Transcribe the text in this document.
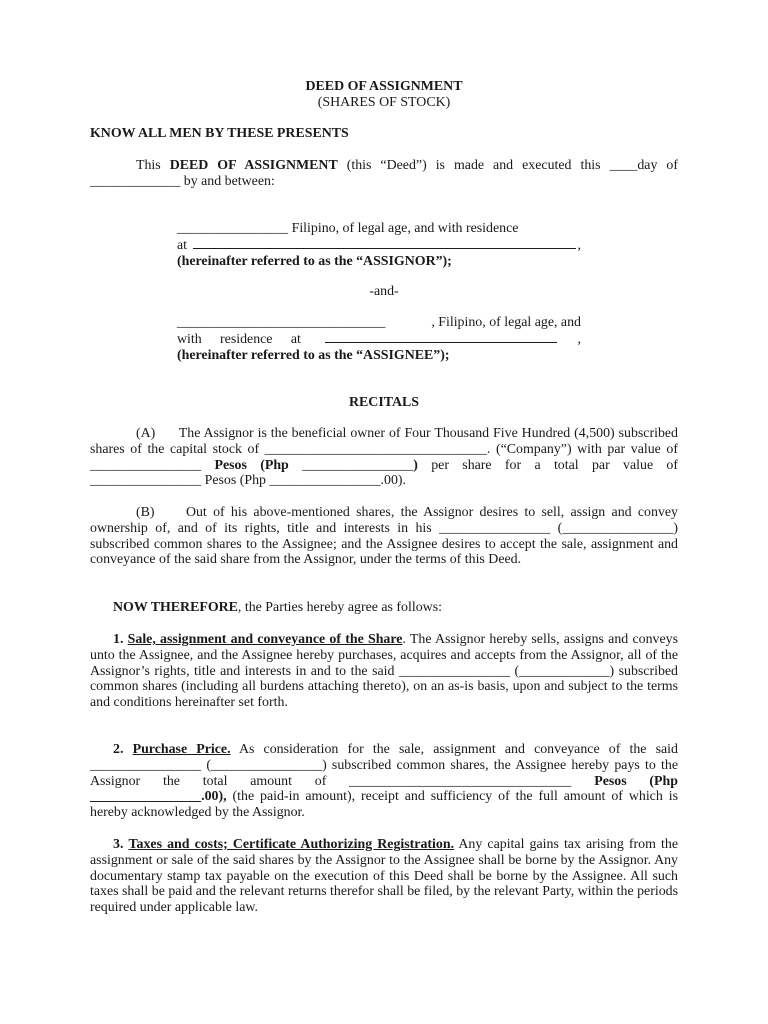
DEED OF ASSIGNMENT
(SHARES OF STOCK)
KNOW ALL MEN BY THESE PRESENTS
This DEED OF ASSIGNMENT (this “Deed”) is made and executed this ____day of _____________ by and between:
________________ Filipino, of legal age, and with residence
at	,
(hereinafter referred to as the “ASSIGNOR”);
-and-
______________________________	, Filipino, of legal age, and
with residence at	,
(hereinafter referred to as the “ASSIGNEE”);
RECITALS
(A)      The Assignor is the beneficial owner of Four Thousand Five Hundred (4,500) subscribed shares of the capital stock of ________________________________. (“Company”) with par value of ________________ Pesos (Php ________________) per share for a total par value of ________________ Pesos (Php ________________.00).
(B)     Out of his above-mentioned shares, the Assignor desires to sell, assign and convey ownership of, and of its rights, title and interests in his ________________ (________________) subscribed common shares to the Assignee; and the Assignee desires to accept the sale, assignment and conveyance of the said share from the Assignor, under the terms of this Deed.
NOW THEREFORE, the Parties hereby agree as follows:
1. Sale, assignment and conveyance of the Share. The Assignor hereby sells, assigns and conveys unto the Assignee, and the Assignee hereby purchases, acquires and accepts from the Assignor, all of the Assignor’s rights, title and interests in and to the said ________________ (_____________) subscribed common shares (including all burdens attaching thereto), on an as-is basis, upon and subject to the terms and conditions hereinafter set forth.
2. Purchase Price. As consideration for the sale, assignment and conveyance of the said ________________ (________________) subscribed common shares, the Assignee hereby pays to the Assignor the total amount of ________________________________ Pesos (Php ________________.00), (the paid-in amount), receipt and sufficiency of the full amount of which is hereby acknowledged by the Assignor.
3. Taxes and costs; Certificate Authorizing Registration. Any capital gains tax arising from the assignment or sale of the said shares by the Assignor to the Assignee shall be borne by the Assignor. Any documentary stamp tax payable on the execution of this Deed shall be borne by the Assignee. All such taxes shall be paid and the relevant returns therefor shall be filed, by the relevant Party, within the periods required under applicable law.
